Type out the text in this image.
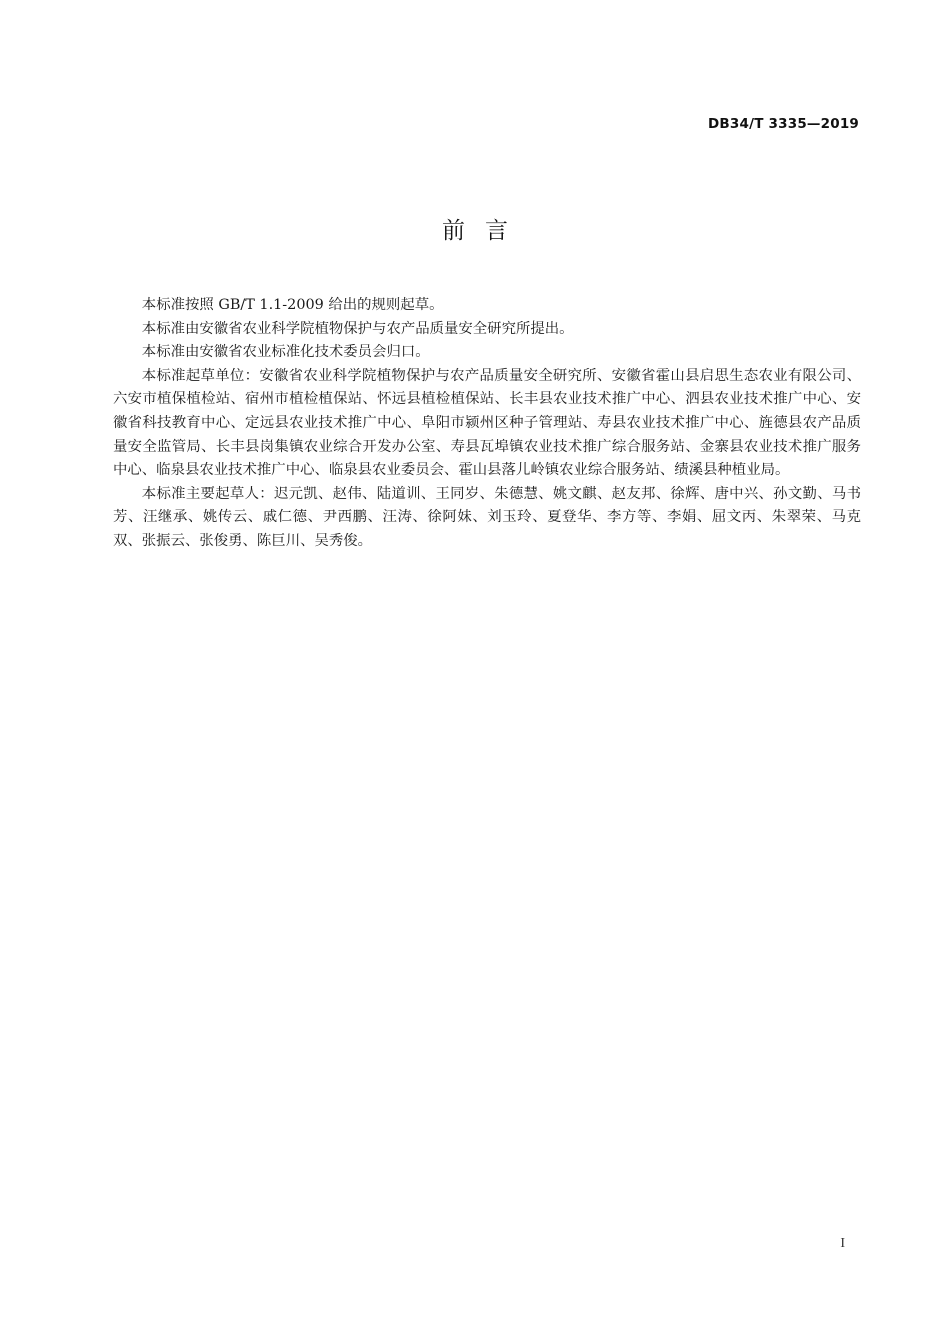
DB34/T 3335—2019
前言

本标准按照 GB/T 1.1-2009 给出的规则起草。

本标准由安徽省农业科学院植物保护与农产品质量安全研究所提出。

本标准由安徽省农业标准化技术委员会归口。

本标准起草单位：安徽省农业科学院植物保护与农产品质量安全研究所、安徽省霍山县启思生态农业有限公司、六安市植保植检站、宿州市植检植保站、怀远县植检植保站、长丰县农业技术推广中心、泗县农业技术推广中心、安徽省科技教育中心、定远县农业技术推广中心、阜阳市颍州区种子管理站、寿县农业技术推广中心、旌德县农产品质量安全监管局、长丰县岗集镇农业综合开发办公室、寿县瓦埠镇农业技术推广综合服务站、金寨县农业技术推广服务中心、临泉县农业技术推广中心、临泉县农业委员会、霍山县落儿岭镇农业综合服务站、绩溪县种植业局。

本标准主要起草人：迟元凯、赵伟、陆道训、王同岁、朱德慧、姚文麒、赵友邦、徐辉、唐中兴、孙文勤、马书芳、汪继承、姚传云、戚仁德、尹西鹏、汪涛、徐阿妹、刘玉玲、夏登华、李方等、李娟、屈文丙、朱翠荣、马克双、张振云、张俊勇、陈巨川、吴秀俊。

I
